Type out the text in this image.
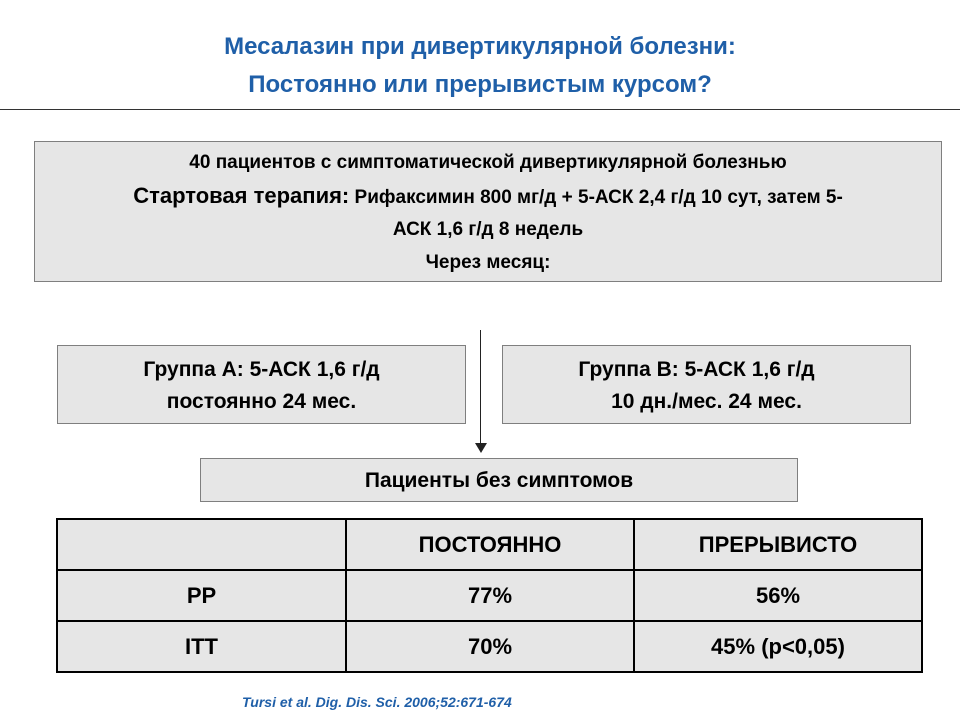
Месалазин при дивертикулярной болезни:
Постоянно или прерывистым курсом?
40 пациентов с симптоматической дивертикулярной болезнью
Стартовая терапия: Рифаксимин 800 мг/д + 5-АСК 2,4 г/д 10 сут, затем 5-
АСК 1,6 г/д 8 недель
Через месяц:
Группа А: 5-АСК 1,6 г/д
постоянно 24 мес.
Группа В: 5-АСК 1,6 г/д
10 дн./мес. 24 мес.
Пациенты без симптомов
	ПОСТОЯННО	ПРЕРЫВИСТО
PP	77%	56%
ITT	70%	45% (p<0,05)
Tursi et al. Dig. Dis. Sci. 2006;52:671-674
